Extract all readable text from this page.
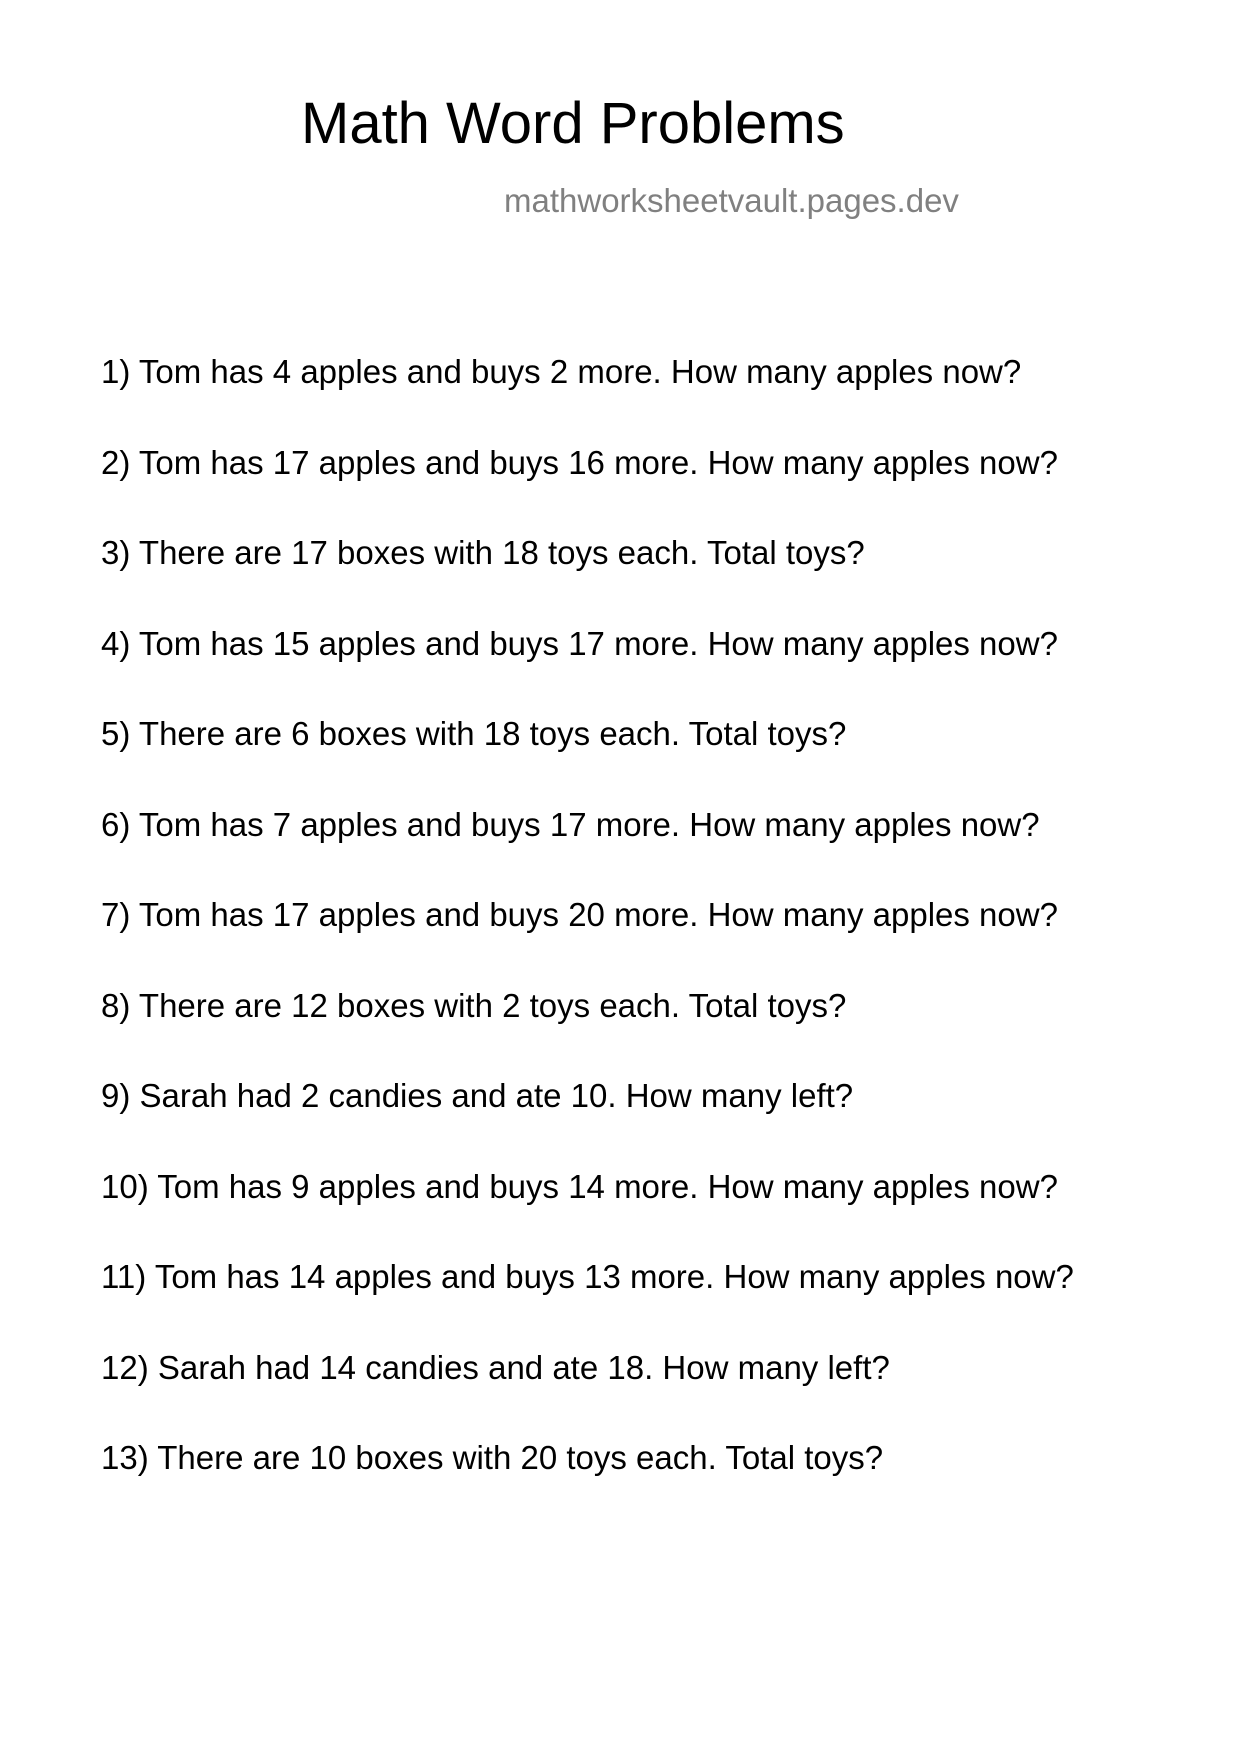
Math Word Problems
mathworksheetvault.pages.dev
1) Tom has 4 apples and buys 2 more. How many apples now?
2) Tom has 17 apples and buys 16 more. How many apples now?
3) There are 17 boxes with 18 toys each. Total toys?
4) Tom has 15 apples and buys 17 more. How many apples now?
5) There are 6 boxes with 18 toys each. Total toys?
6) Tom has 7 apples and buys 17 more. How many apples now?
7) Tom has 17 apples and buys 20 more. How many apples now?
8) There are 12 boxes with 2 toys each. Total toys?
9) Sarah had 2 candies and ate 10. How many left?
10) Tom has 9 apples and buys 14 more. How many apples now?
11) Tom has 14 apples and buys 13 more. How many apples now?
12) Sarah had 14 candies and ate 18. How many left?
13) There are 10 boxes with 20 toys each. Total toys?
